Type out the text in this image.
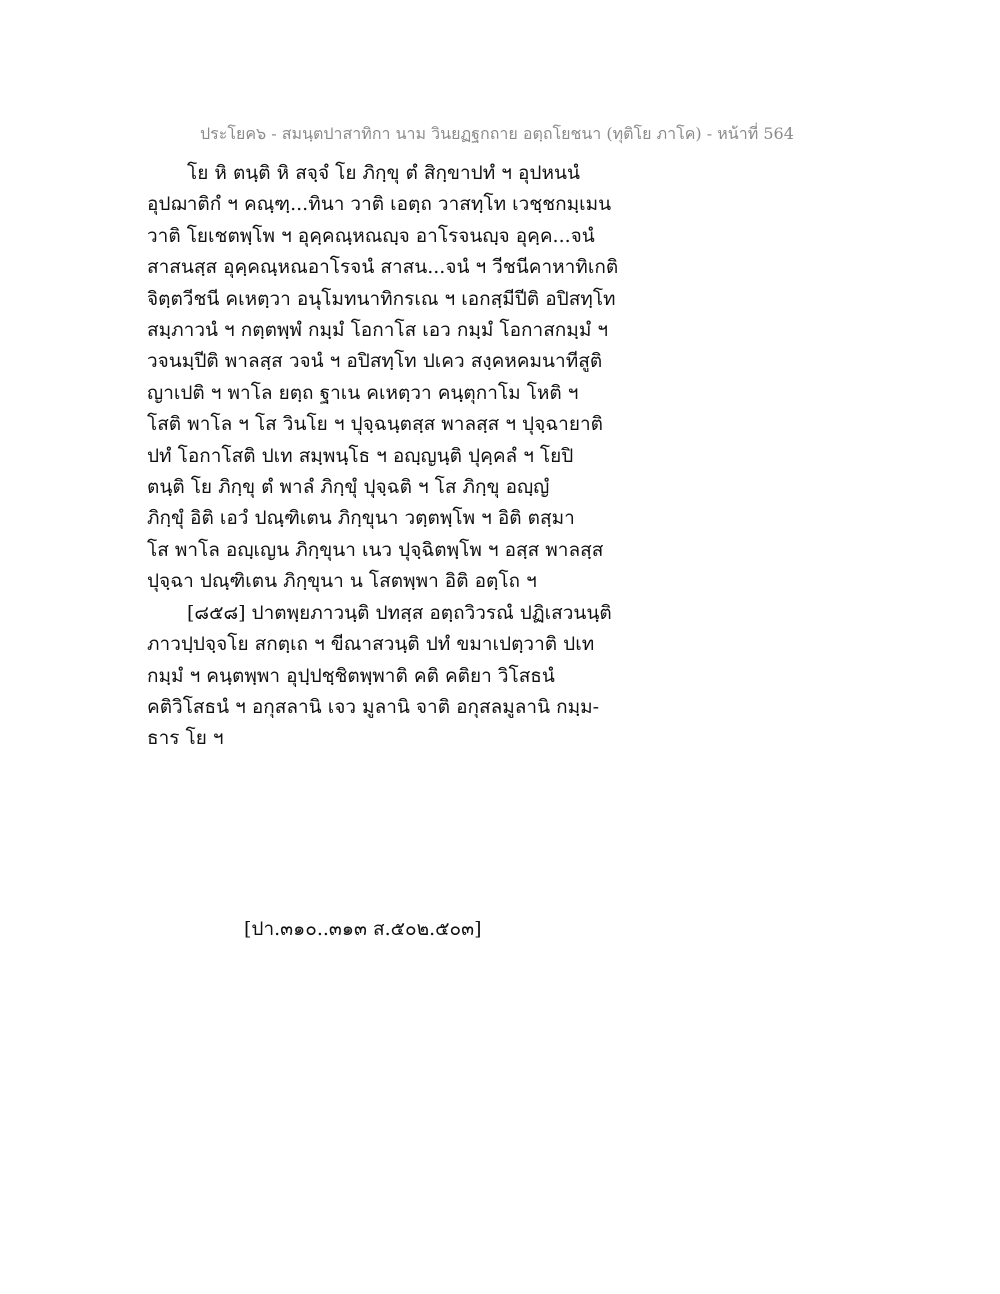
ประโยค๖ - สมนฺตปาสาทิกา นาม วินยฏฐกถาย อตฺถโยชนา (ทุติโย ภาโค) - หน้าที่ 564
โย หิ ตนฺติ หิ สจฺจํ โย ภิกฺขุ ตํ สิกฺขาปทํ ฯ อุปหนนํ
อุปฌาติกํ ฯ คณฺฑฺ...ทินา วาติ เอตฺถ วาสทฺโท เวชฺชกมฺเมน
วาติ โยเชตพฺโพ ฯ อุคฺคณฺหณญฺจ อาโรจนญฺจ อุคฺค...จนํ
สาสนสฺส อุคฺคณฺหณอาโรจนํ สาสน...จนํ ฯ วีชนีคาหาทิเกติ
จิตฺตวีชนี คเหตฺวา อนุโมทนาทิกรเณ ฯ เอกสฺมีปีติ อปิสทฺโท
สมฺภาวนํ ฯ กตฺตพฺพํ กมฺมํ โอกาโส เอว กมฺมํ โอกาสกมฺมํ ฯ
วจนมฺปีติ พาลสฺส วจนํ ฯ อปิสทฺโท ปเคว สงฺคหคมนาทีสูติ
ญาเปติ ฯ พาโล ยตฺถ ฐาเน คเหตฺวา คนฺตุกาโม โหติ ฯ
โสติ พาโล ฯ โส วินโย ฯ ปุจฺฉนฺตสฺส พาลสฺส ฯ ปุจฺฉายาติ
ปทํ โอกาโสติ ปเท สมฺพนฺโธ ฯ อญฺญนฺติ ปุคฺคลํ ฯ โยปิ
ตนฺติ โย ภิกฺขุ ตํ พาลํ ภิกฺขุํ ปุจฺฉติ ฯ โส ภิกฺขุ อญฺญํ
ภิกฺขุํ อิติ เอวํ ปณฺฑิเตน ภิกฺขุนา วตฺตพฺโพ ฯ อิติ ตสฺมา
โส พาโล อญฺเญน ภิกฺขุนา เนว ปุจฺฉิตพฺโพ ฯ อสฺส พาลสฺส
ปุจฺฉา ปณฺฑิเตน ภิกฺขุนา น โสตพฺพา อิติ อตฺโถ ฯ
[๘๕๘] ปาตพฺยภาวนฺติ ปทสฺส อตฺถวิวรณํ ปฏิเสวนนฺติ
ภาวปฺปจฺจโย สกตฺเถ ฯ ขีณาสวนฺติ ปทํ ขมาเปตฺวาติ ปเท
กมฺมํ ฯ คนฺตพฺพา อุปฺปชฺชิตพฺพาติ คติ คติยา วิโสธนํ
คติวิโสธนํ ฯ อกุสลานิ เจว มูลานิ จาติ อกุสลมูลานิ กมฺม-
ธาร โย ฯ
[ปา.๓๑๐..๓๑๓ ส.๕๐๒.๕๐๓]
